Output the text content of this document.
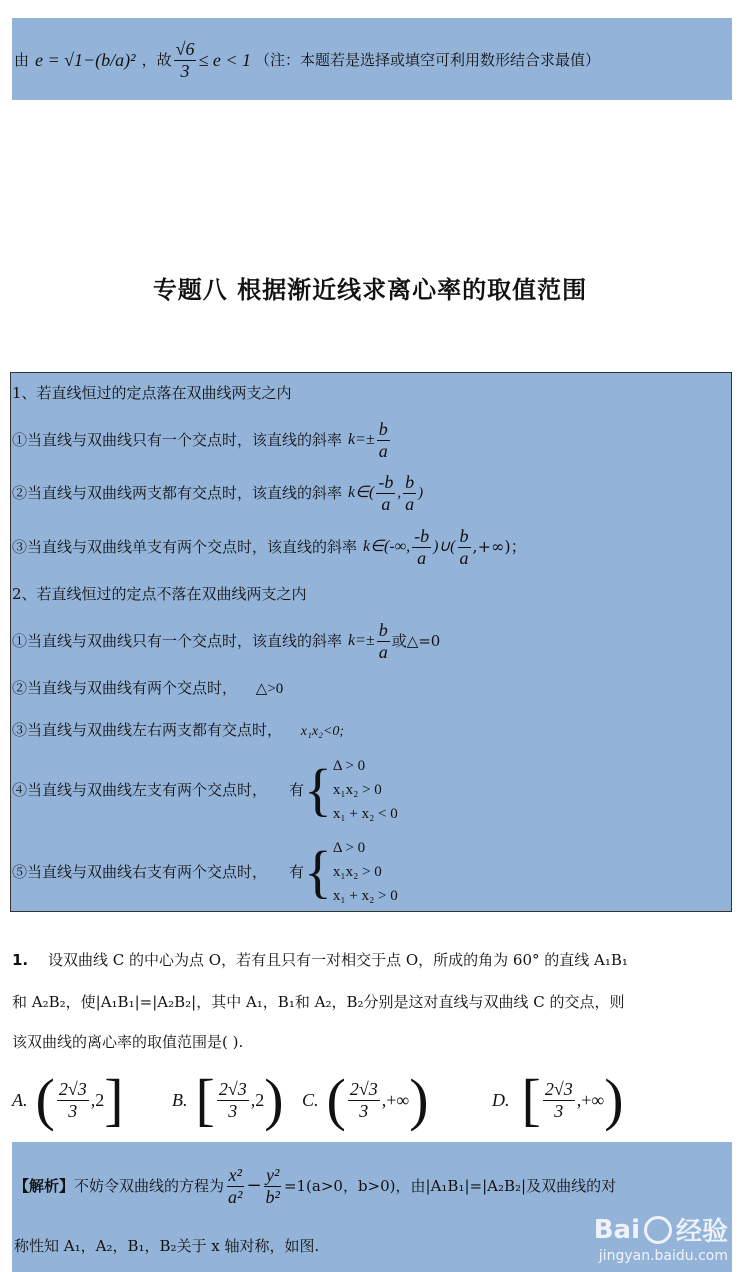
由 e = √1−(b/a)² ，故 $\frac{√6}{3} \le e < 1$ （注：本题若是选择或填空可利用数形结合求最值）
专题八 根据渐近线求离心率的取值范围
1、若直线恒过的定点落在双曲线两支之内
①当直线与双曲线只有一个交点时，该直线的斜率 $k=\pm \frac{b}{a}$
②当直线与双曲线两支都有交点时，该直线的斜率 k∈( $\frac{-b}{a}$ , $\frac{b}{a}$ )
③当直线与双曲线单支有两个交点时，该直线的斜率 k∈(-∞, $\frac{-b}{a}$ )∪( $\frac{b}{a}$ ,+∞)；
2、若直线恒过的定点不落在双曲线两支之内
①当直线与双曲线只有一个交点时，该直线的斜率 $k=\pm \frac{b}{a}$ 或△=0
②当直线与双曲线有两个交点时， △>0
③当直线与双曲线左右两支都有交点时， x₁x₂<0;
④当直线与双曲线左支有两个交点时， 有 { Δ > 0
x₁x₂ > 0
x₁ + x₂ < 0
⑤当直线与双曲线右支有两个交点时， 有 { Δ > 0
x₁x₂ > 0
x₁ + x₂ > 0
1. 设双曲线 C 的中心为点 O，若有且只有一对相交于点 O，所成的角为 60° 的直线 A₁B₁
和 A₂B₂，使|A₁B₁|=|A₂B₂|，其中 A₁，B₁和 A₂，B₂分别是这对直线与双曲线 C 的交点，则
该双曲线的离心率的取值范围是( ).
A. ( $\frac{2√3}{3} ,2$ ]	B. [ $\frac{2√3}{3} ,2$ ) C. ( $\frac{2√3}{3}$ ,+∞ )	D. [ $\frac{2√3}{3}$ ,+∞ )
【解析】 不妨令双曲线的方程为 $\frac{\text{x²}}{\text{a²}} - \frac{\text{y²}}{\text{b²}} =1(a>0$，b>0)，由|A₁B₁|=|A₂B₂|及双曲线的对
称性知 A₁，A₂，B₁，B₂关于 x 轴对称，如图.
Bai 经验
jingyan.baidu.com
